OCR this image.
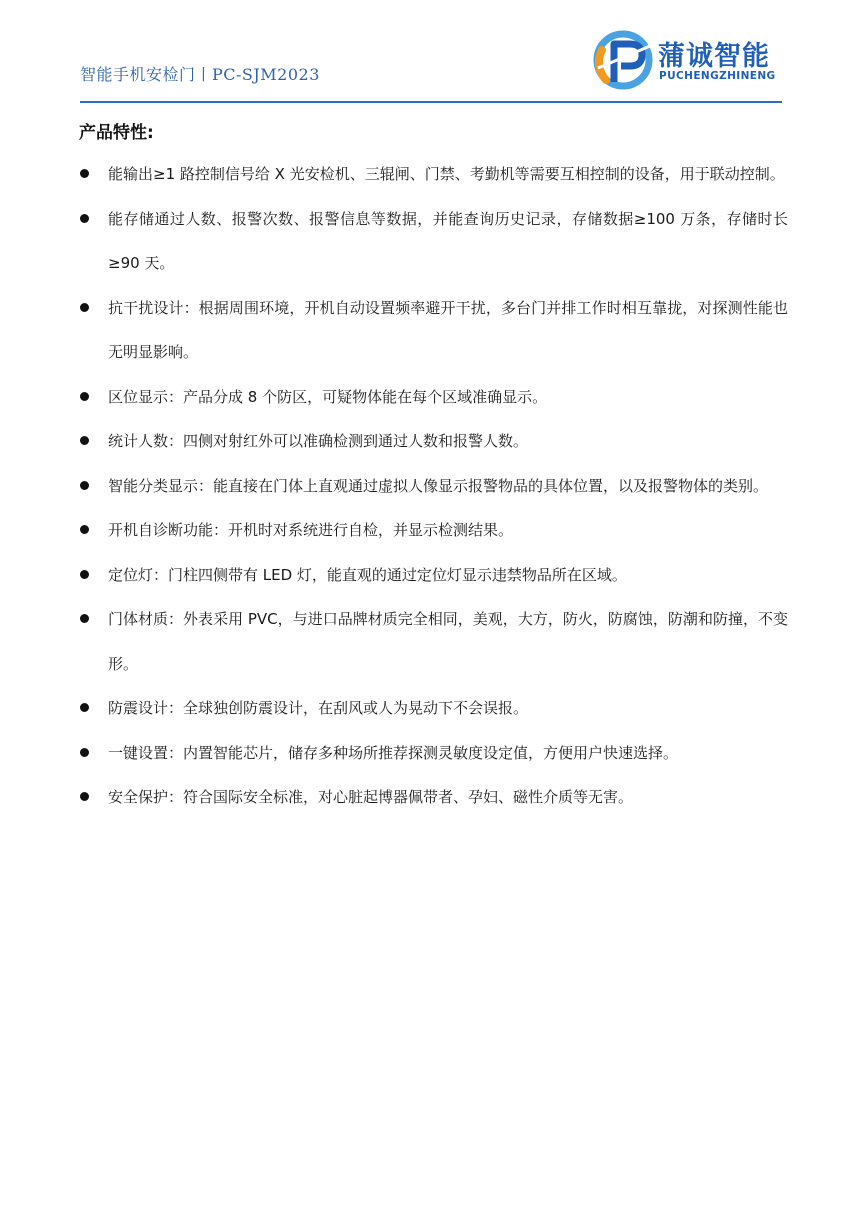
智能手机安检门丨PC-SJM2023
蒲诚智能
PUCHENGZHINENG
产品特性:
能输出≥1 路控制信号给 X 光安检机、三辊闸、门禁、考勤机等需要互相控制的设备，用于联动控制。
能存储通过人数、报警次数、报警信息等数据，并能查询历史记录，存储数据≥100 万条，存储时长≥90 天。
抗干扰设计：根据周围环境，开机自动设置频率避开干扰，多台门并排工作时相互靠拢，对探测性能也无明显影响。
区位显示：产品分成 8 个防区，可疑物体能在每个区域准确显示。
统计人数：四侧对射红外可以准确检测到通过人数和报警人数。
智能分类显示：能直接在门体上直观通过虚拟人像显示报警物品的具体位置，以及报警物体的类别。
开机自诊断功能：开机时对系统进行自检，并显示检测结果。
定位灯：门柱四侧带有 LED 灯，能直观的通过定位灯显示违禁物品所在区域。
门体材质：外表采用 PVC，与进口品牌材质完全相同，美观，大方，防火，防腐蚀，防潮和防撞，不变形。
防震设计：全球独创防震设计，在刮风或人为晃动下不会误报。
一键设置：内置智能芯片，储存多种场所推荐探测灵敏度设定值，方便用户快速选择。
安全保护：符合国际安全标准，对心脏起博器佩带者、孕妇、磁性介质等无害。
